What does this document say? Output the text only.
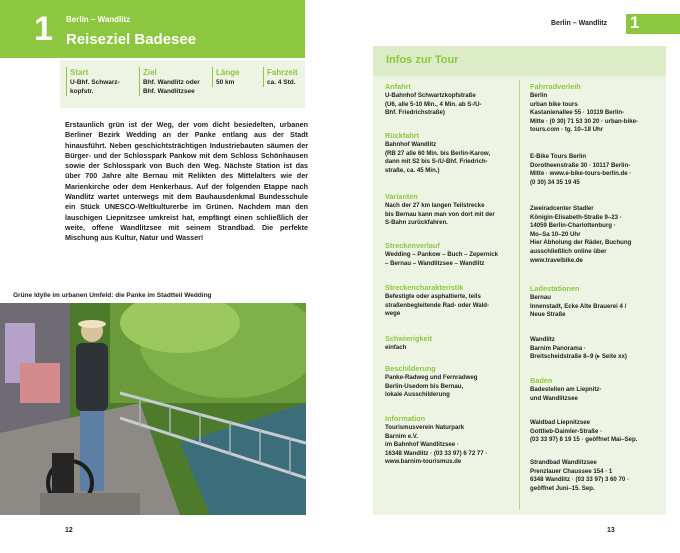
1 Berlin – Wandlitz
Reiseziel Badesee
Start
U-Bhf. Schwarz-
kopfstr.
Ziel
Bhf. Wandlitz oder
Bhf. Wandlitzsee
Länge
50 km
Fahrzeit
ca. 4 Std.
Erstaunlich grün ist der Weg, der vom dicht besiedelten, urbanen Berliner Bezirk Wedding an der Panke entlang aus der Stadt hinausführt. Neben geschichtsträchtigen Industriebauten säumen der Bürger- und der Schlosspark Pankow mit dem Schloss Schönhausen sowie der Schlosspark von Buch den Weg. Nächste Station ist das über 700 Jahre alte Bernau mit Relikten des Mittelalters wie der Marienkirche oder dem Henkerhaus. Auf der folgenden Etappe nach Wandlitz wartet unterwegs mit dem Bauhausdenkmal Bundesschule ein Stück UNESCO-Weltkulturerbe im Grünen. Nachdem man den lauschigen Liepnitzsee umkreist hat, empfängt einen schließlich der weite, offene Wandlitzsee mit seinem Strandbad. Die perfekte Mischung aus Kultur, Natur und Wasser!
Grüne Idylle im urbanen Umfeld: die Panke im Stadtteil Wedding
12
Berlin – Wandlitz 1
Infos zur Tour
Anfahrt
U-Bahnhof Schwartzkopfstraße
(U6, alle 5-10 Min., 4 Min. ab S-/U-
Bhf. Friedrichstraße)
Rückfahrt
Bahnhof Wandlitz
(RB 27 alle 60 Min. bis Berlin-Karow,
dann mit S2 bis S-/U-Bhf. Friedrich-
straße, ca. 45 Min.)
Varianten
Nach der 27 km langen Teilstrecke
bis Bernau kann man von dort mit der
S-Bahn zurückfahren.
Streckenverlauf
Wedding – Pankow – Buch – Zepernick
– Bernau – Wandlitzsee – Wandlitz
Streckencharakteristik
Befestigte oder asphaltierte, teils
straßenbegleitende Rad- oder Wald-
wege
Schwierigkeit
einfach
Beschilderung
Panke-Radweg und Fernradweg
Berlin-Usedom bis Bernau,
lokale Ausschilderung
Information
Tourismusverein Naturpark
Barnim e.V.
im Bahnhof Wandlitzsee ·
16348 Wandlitz · (03 33 97) 6 72 77 ·
www.barnim-tourismus.de
Fahrradverleih
Berlin
urban bike tours
Kastanienallee 55 · 10119 Berlin-
Mitte · (0 30) 71 53 30 20 · urban-bike-
tours.com · tg. 10–18 Uhr
E-Bike Tours Berlin
Dorotheenstraße 30 · 10117 Berlin-
Mitte · www.e-bike-tours-berlin.de ·
(0 30) 34 35 19 45
Zweiradcenter Stadler
Königin-Elisabeth-Straße 9–23 ·
14059 Berlin-Charlottenburg ·
Mo–Sa 10–20 Uhr
Hier Abholung der Räder, Buchung
ausschließlich online über
www.travelbike.de
Ladestationen
Bernau
Innenstadt, Ecke Alte Brauerei 4 /
Neue Straße
Wandlitz
Barnim Panorama ·
Breitscheidstraße 8–9 (▸ Seite xx)
Baden
Badestellen am Liepnitz-
und Wandlitzsee
Waldbad Liepnitzsee
Gottlieb-Daimler-Straße ·
(03 33 97) 8 19 15 · geöffnet Mai–Sep.
Strandbad Wandlitzsee
Prenzlauer Chaussee 154 · 1
6348 Wandlitz · (03 33 97) 3 60 70 ·
geöffnet Juni–15. Sep.
13
